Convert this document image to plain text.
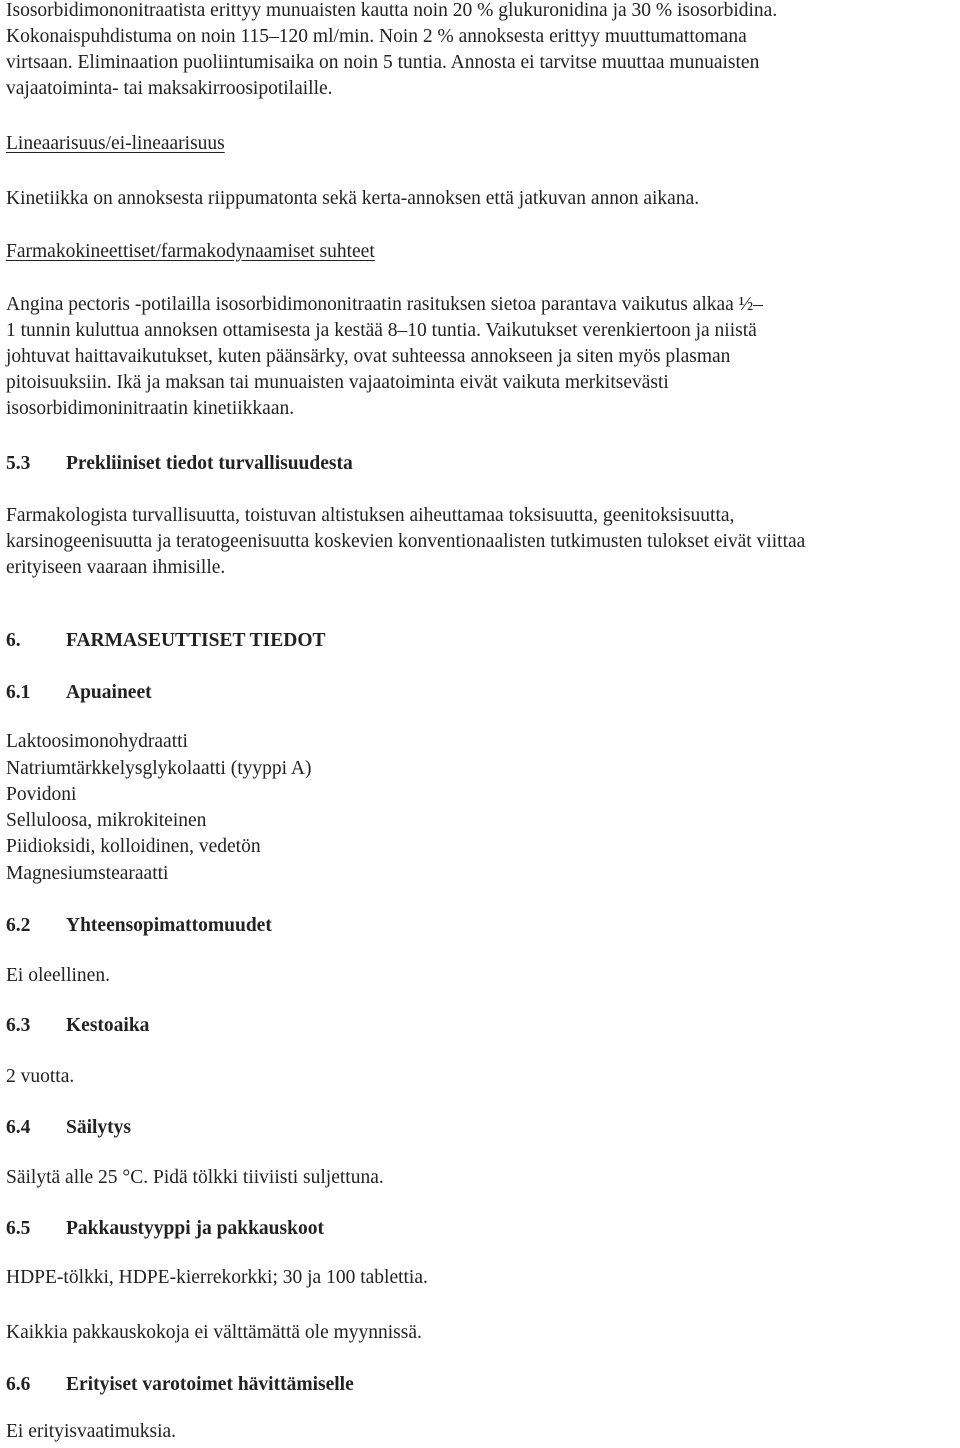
Isosorbidimononitraatista erittyy munuaisten kautta noin 20 % glukuronidina ja 30 % isosorbidina.

Kokonaispuhdistuma on noin 115–120 ml/min. Noin 2 % annoksesta erittyy muuttumattomana

virtsaan. Eliminaation puoliintumisaika on noin 5 tuntia. Annosta ei tarvitse muuttaa munuaisten

vajaatoiminta- tai maksakirroosipotilaille.

Lineaarisuus/ei-lineaarisuus

Kinetiikka on annoksesta riippumatonta sekä kerta-annoksen että jatkuvan annon aikana.

Farmakokineettiset/farmakodynaamiset suhteet

Angina pectoris -potilailla isosorbidimononitraatin rasituksen sietoa parantava vaikutus alkaa ½–

1 tunnin kuluttua annoksen ottamisesta ja kestää 8–10 tuntia. Vaikutukset verenkiertoon ja niistä

johtuvat haittavaikutukset, kuten päänsärky, ovat suhteessa annokseen ja siten myös plasman

pitoisuuksiin. Ikä ja maksan tai munuaisten vajaatoiminta eivät vaikuta merkitsevästi

isosorbidimoninitraatin kinetiikkaan.

5.3 Prekliiniset tiedot turvallisuudesta

Farmakologista turvallisuutta, toistuvan altistuksen aiheuttamaa toksisuutta, geenitoksisuutta,

karsinogeenisuutta ja teratogeenisuutta koskevien konventionaalisten tutkimusten tulokset eivät viittaa

erityiseen vaaraan ihmisille.

6. FARMASEUTTISET TIEDOT

6.1 Apuaineet

Laktoosimonohydraatti

Natriumtärkkelysglykolaatti (tyyppi A)

Povidoni

Selluloosa, mikrokiteinen

Piidioksidi, kolloidinen, vedetön

Magnesiumstearaatti

6.2 Yhteensopimattomuudet

Ei oleellinen.

6.3 Kestoaika

2 vuotta.

6.4 Säilytys

Säilytä alle 25 °C. Pidä tölkki tiiviisti suljettuna.

6.5 Pakkaustyyppi ja pakkauskoot

HDPE-tölkki, HDPE-kierrekorkki; 30 ja 100 tablettia.

Kaikkia pakkauskokoja ei välttämättä ole myynnissä.

6.6 Erityiset varotoimet hävittämiselle

Ei erityisvaatimuksia.
